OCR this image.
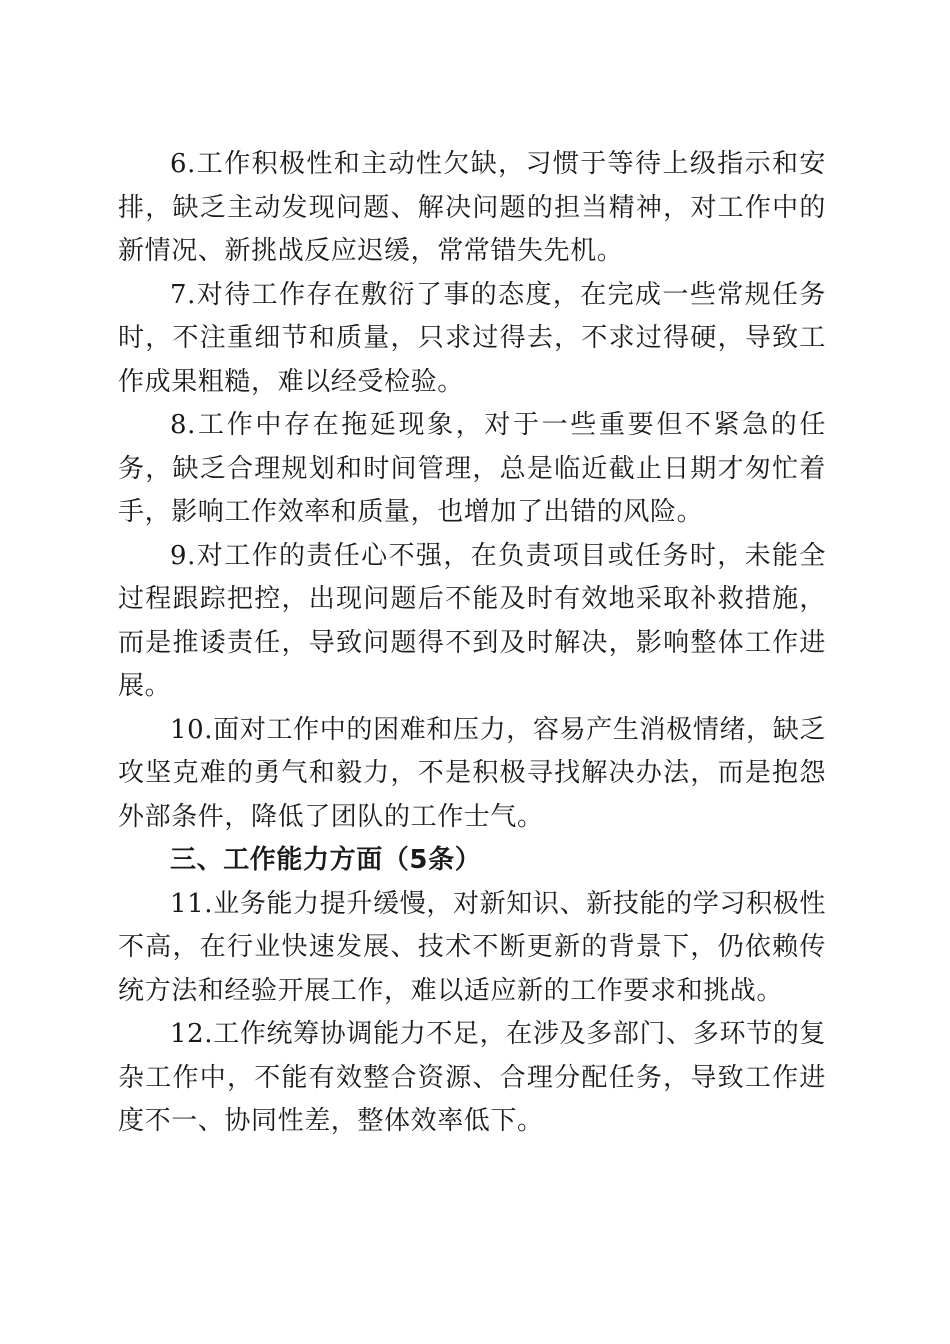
6.工作积极性和主动性欠缺，习惯于等待上级指示和安排，缺乏主动发现问题、解决问题的担当精神，对工作中的新情况、新挑战反应迟缓，常常错失先机。

7.对待工作存在敷衍了事的态度，在完成一些常规任务时，不注重细节和质量，只求过得去，不求过得硬，导致工作成果粗糙，难以经受检验。

8.工作中存在拖延现象，对于一些重要但不紧急的任务，缺乏合理规划和时间管理，总是临近截止日期才匆忙着手，影响工作效率和质量，也增加了出错的风险。

9.对工作的责任心不强，在负责项目或任务时，未能全过程跟踪把控，出现问题后不能及时有效地采取补救措施，而是推诿责任，导致问题得不到及时解决，影响整体工作进展。

10.面对工作中的困难和压力，容易产生消极情绪，缺乏攻坚克难的勇气和毅力，不是积极寻找解决办法，而是抱怨外部条件，降低了团队的工作士气。

三、工作能力方面（5条）

11.业务能力提升缓慢，对新知识、新技能的学习积极性不高，在行业快速发展、技术不断更新的背景下，仍依赖传统方法和经验开展工作，难以适应新的工作要求和挑战。

12.工作统筹协调能力不足，在涉及多部门、多环节的复杂工作中，不能有效整合资源、合理分配任务，导致工作进度不一、协同性差，整体效率低下。
